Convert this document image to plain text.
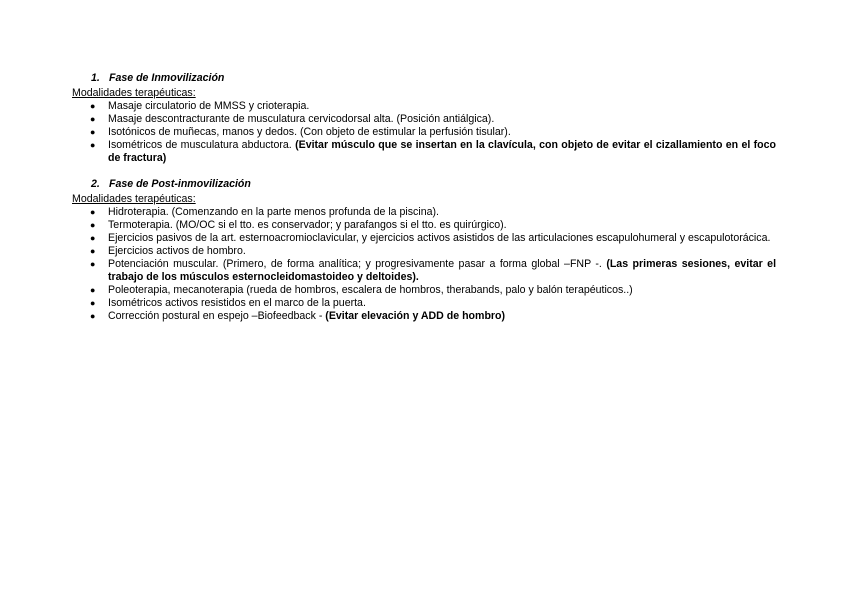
1. Fase de Inmovilización
Modalidades terapéuticas:
● Masaje circulatorio de MMSS y crioterapia.
● Masaje descontracturante de musculatura cervicodorsal alta. (Posición antiálgica).
● Isotónicos de muñecas, manos y dedos. (Con objeto de estimular la perfusión tisular).
● Isométricos de musculatura abductora. (Evitar músculo que se insertan en la clavícula, con objeto de evitar el cizallamiento en el foco de fractura)
2. Fase de Post-inmovilización
Modalidades terapéuticas:
● Hidroterapia. (Comenzando en la parte menos profunda de la piscina).
● Termoterapia. (MO/OC si el tto. es conservador; y parafangos si el tto. es quirúrgico).
● Ejercicios pasivos de la art. esternoacromioclavicular, y ejercicios activos asistidos de las articulaciones escapulohumeral y escapulotorácica.
● Ejercicios activos de hombro.
● Potenciación muscular. (Primero, de forma analítica; y progresivamente pasar a forma global –FNP -. (Las primeras sesiones, evitar el trabajo de los músculos esternocleidomastoideo y deltoides).
● Poleoterapia, mecanoterapia (rueda de hombros, escalera de hombros, therabands, palo y balón terapéuticos..)
● Isométricos activos resistidos en el marco de la puerta.
● Corrección postural en espejo –Biofeedback - (Evitar elevación y ADD de hombro)
